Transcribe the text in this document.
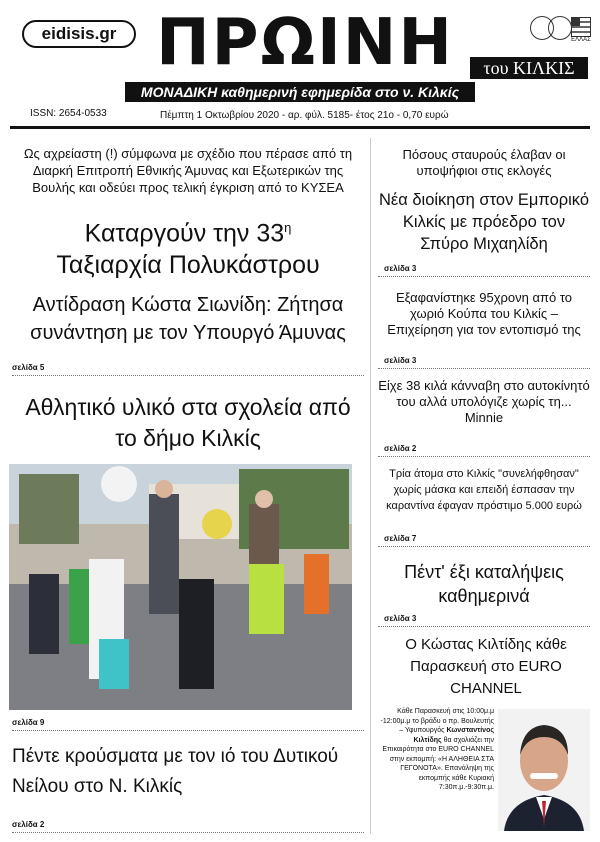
eidisis.gr ΠΡΩΙΝΗ	του ΚΙΛΚΙΣ
ΕΛΛΑΣ
ΜΟΝΑΔΙΚΗ καθημερινή εφημερίδα στο ν. Κιλκίς
ISSN: 2654-0533	Πέμπτη 1 Οκτωβρίου 2020 - αρ. φύλ. 5185- έτος 21ο - 0,70 ευρώ
Ως αχρείαστη (!) σύμφωνα με σχέδιο που πέρασε από τη Διαρκή Επιτροπή Εθνικής Άμυνας και Εξωτερικών της Βουλής και οδεύει προς τελική έγκριση από το ΚΥΣΕΑ
Καταργούν την $33^\eta$
Ταξιαρχία Πολυκάστρου
Αντίδραση Κώστα Σιωνίδη: Ζήτησα συνάντηση με τον Υπουργό Άμυνας
σελίδα 5
Αθλητικό υλικό στα σχολεία από το δήμο Κιλκίς
σελίδα 9
Πέντε κρούσματα με τον ιό του Δυτικού Νείλου στο Ν. Κιλκίς
σελίδα 2
Πόσους σταυρούς έλαβαν οι υποψήφιοι στις εκλογές
Νέα διοίκηση στον Εμπορικό Κιλκίς με πρόεδρο τον Σπύρο Μιχαηλίδη
σελίδα 3
Εξαφανίστηκε 95χρονη από το χωριό Κούπα του Κιλκίς – Επιχείρηση για τον εντοπισμό της
σελίδα 3
Είχε 38 κιλά κάνναβη στο αυτοκίνητό του αλλά υπολόγιζε χωρίς τη... Minnie
σελίδα 2
Τρία άτομα στο Κιλκίς "συνελήφθησαν" χωρίς μάσκα και επειδή έσπασαν την καραντίνα έφαγαν πρόστιμο 5.000 ευρώ
σελίδα 7
Πέντ' έξι καταλήψεις καθημερινά
σελίδα 3
Ο Κώστας Κιλτίδης κάθε Παρασκευή στο EURO CHANNEL
Κάθε Παρασκευή στις 10:00μ.μ -12:00μ.μ το βράδυ ο πρ. Βουλευτής – Υφυπουργός Κωνσταντίνος Κιλτίδης θα σχολιάζει την Επικαιρότητα στο EURO CHANNEL στην εκπομπή: «Η ΑΛΗΘΕΙΑ ΣΤΑ ΓΕΓΟΝΟΤΑ». Επανάληψη της εκπομπής κάθε Κυριακή 7:30π.μ.-9:30π.μ.
